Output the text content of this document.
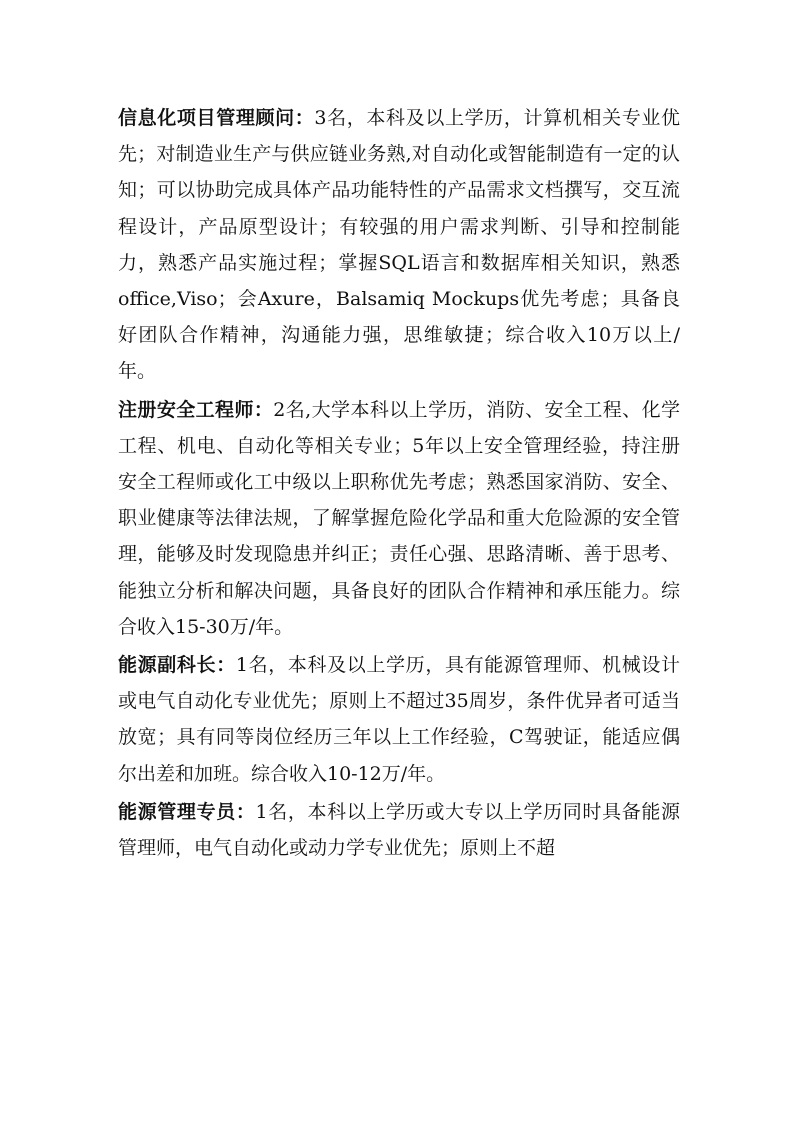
信息化项目管理顾问：3名，本科及以上学历，计算机相关专业优先；对制造业生产与供应链业务熟,对自动化或智能制造有一定的认知；可以协助完成具体产品功能特性的产品需求文档撰写，交互流程设计，产品原型设计；有较强的用户需求判断、引导和控制能力，熟悉产品实施过程；掌握SQL语言和数据库相关知识，熟悉office,Viso；会Axure，Balsamiq Mockups优先考虑；具备良好团队合作精神，沟通能力强，思维敏捷；综合收入10万以上/年。

注册安全工程师：2名,大学本科以上学历，消防、安全工程、化学工程、机电、自动化等相关专业；5年以上安全管理经验，持注册安全工程师或化工中级以上职称优先考虑；熟悉国家消防、安全、职业健康等法律法规，了解掌握危险化学品和重大危险源的安全管理，能够及时发现隐患并纠正；责任心强、思路清晰、善于思考、能独立分析和解决问题，具备良好的团队合作精神和承压能力。综合收入15-30万/年。

能源副科长：1名，本科及以上学历，具有能源管理师、机械设计或电气自动化专业优先；原则上不超过35周岁，条件优异者可适当放宽；具有同等岗位经历三年以上工作经验，C驾驶证，能适应偶尔出差和加班。综合收入10-12万/年。

能源管理专员：1名，本科以上学历或大专以上学历同时具备能源管理师，电气自动化或动力学专业优先；原则上不超
